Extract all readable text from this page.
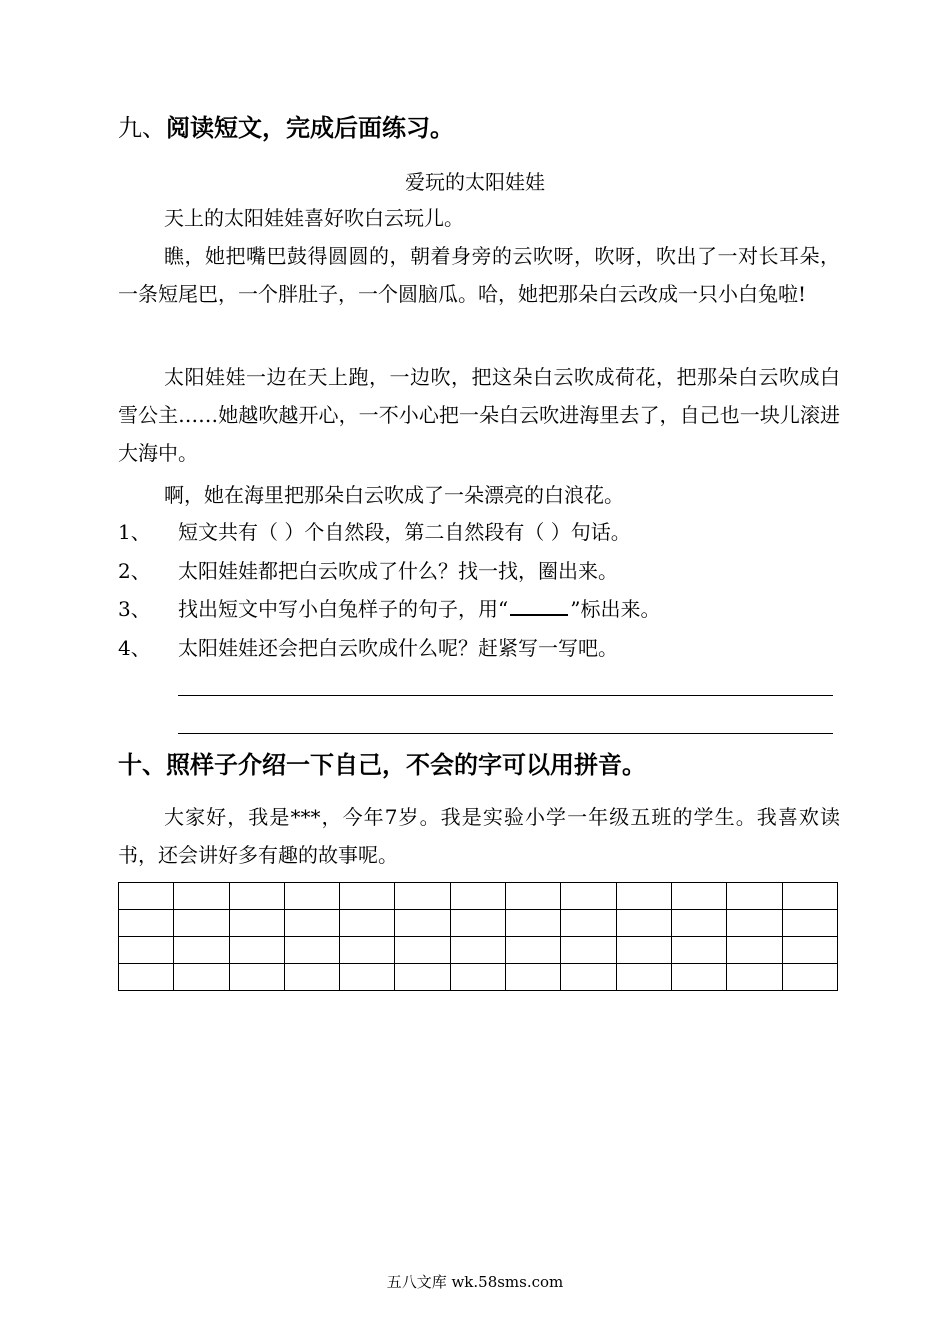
九、阅读短文，完成后面练习。
爱玩的太阳娃娃
天上的太阳娃娃喜好吹白云玩儿。
瞧，她把嘴巴鼓得圆圆的，朝着身旁的云吹呀，吹呀，吹出了一对长耳朵，一条短尾巴，一个胖肚子，一个圆脑瓜。哈，她把那朵白云改成一只小白兔啦!
太阳娃娃一边在天上跑，一边吹，把这朵白云吹成荷花，把那朵白云吹成白雪公主……她越吹越开心，一不小心把一朵白云吹进海里去了，自己也一块儿滚进大海中。
啊，她在海里把那朵白云吹成了一朵漂亮的白浪花。
1、 短文共有（ ）个自然段，第二自然段有（ ）句话。
2、 太阳娃娃都把白云吹成了什么？找一找，圈出来。
3、 找出短文中写小白兔样子的句子，用“	”标出来。
4、 太阳娃娃还会把白云吹成什么呢？赶紧写一写吧。
十、照样子介绍一下自己，不会的字可以用拼音。
大家好，我是***，今年7岁。我是实验小学一年级五班的学生。我喜欢读书，还会讲好多有趣的故事呢。

五八文库 wk.58sms.com
